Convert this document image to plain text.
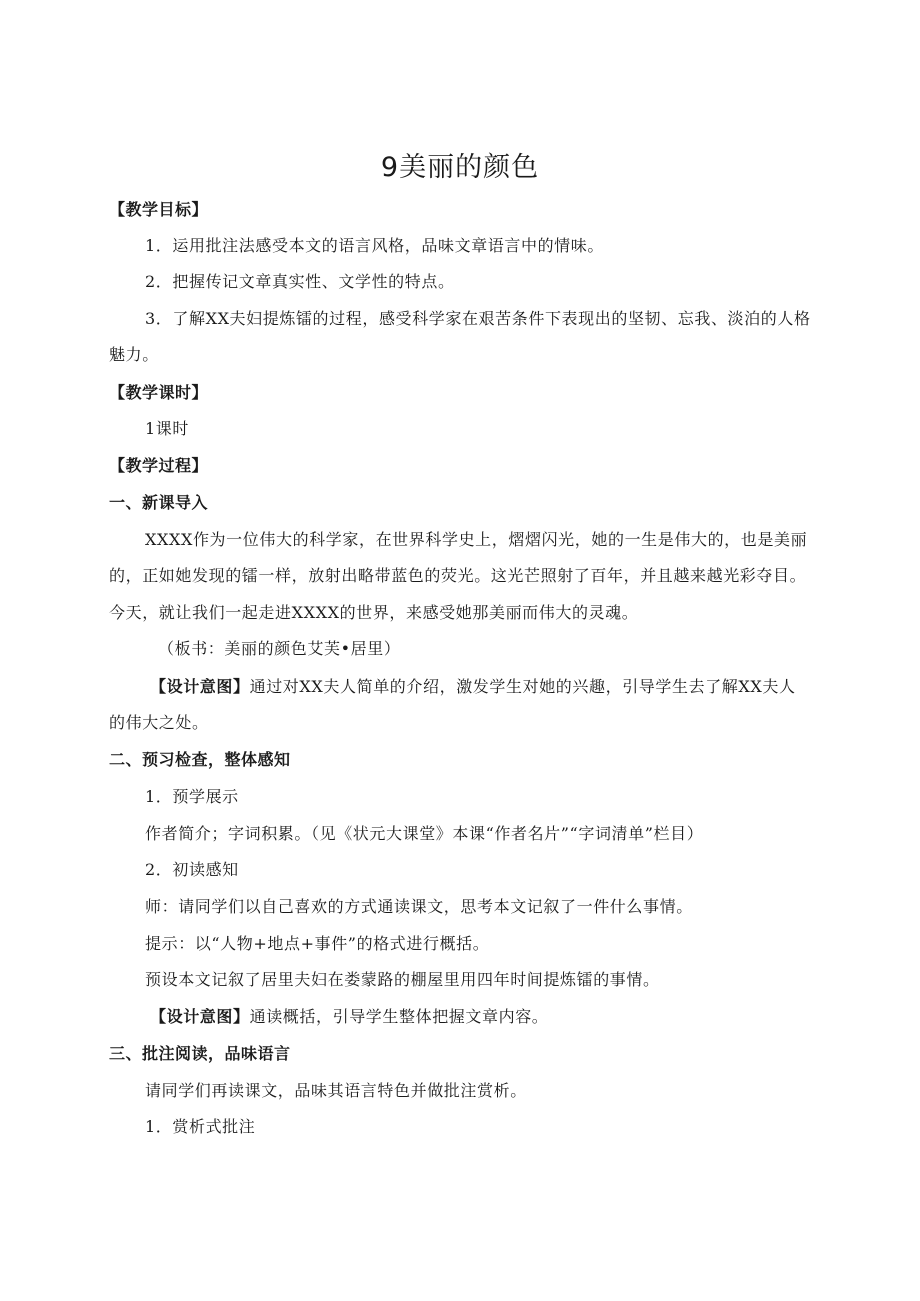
9美丽的颜色
【教学目标】
1．运用批注法感受本文的语言风格，品味文章语言中的情味。
2．把握传记文章真实性、文学性的特点。
3．了解XX夫妇提炼镭的过程，感受科学家在艰苦条件下表现出的坚韧、忘我、淡泊的人格
魅力。
【教学课时】
1课时
【教学过程】
一、新课导入
XXXX作为一位伟大的科学家，在世界科学史上，熠熠闪光，她的一生是伟大的，也是美丽
的，正如她发现的镭一样，放射出略带蓝色的荧光。这光芒照射了百年，并且越来越光彩夺目。
今天，就让我们一起走进XXXX的世界，来感受她那美丽而伟大的灵魂。
（板书：美丽的颜色艾芙•居里）
【设计意图】通过对XX夫人简单的介绍，激发学生对她的兴趣，引导学生去了解XX夫人
的伟大之处。
二、预习检查，整体感知
1．预学展示
作者简介；字词积累。（见《状元大课堂》本课“作者名片”“字词清单”栏目）
2．初读感知
师：请同学们以自己喜欢的方式通读课文，思考本文记叙了一件什么事情。
提示：以“人物+地点+事件”的格式进行概括。
预设本文记叙了居里夫妇在娄蒙路的棚屋里用四年时间提炼镭的事情。
【设计意图】通读概括，引导学生整体把握文章内容。
三、批注阅读，品味语言
请同学们再读课文，品味其语言特色并做批注赏析。
1．赏析式批注
